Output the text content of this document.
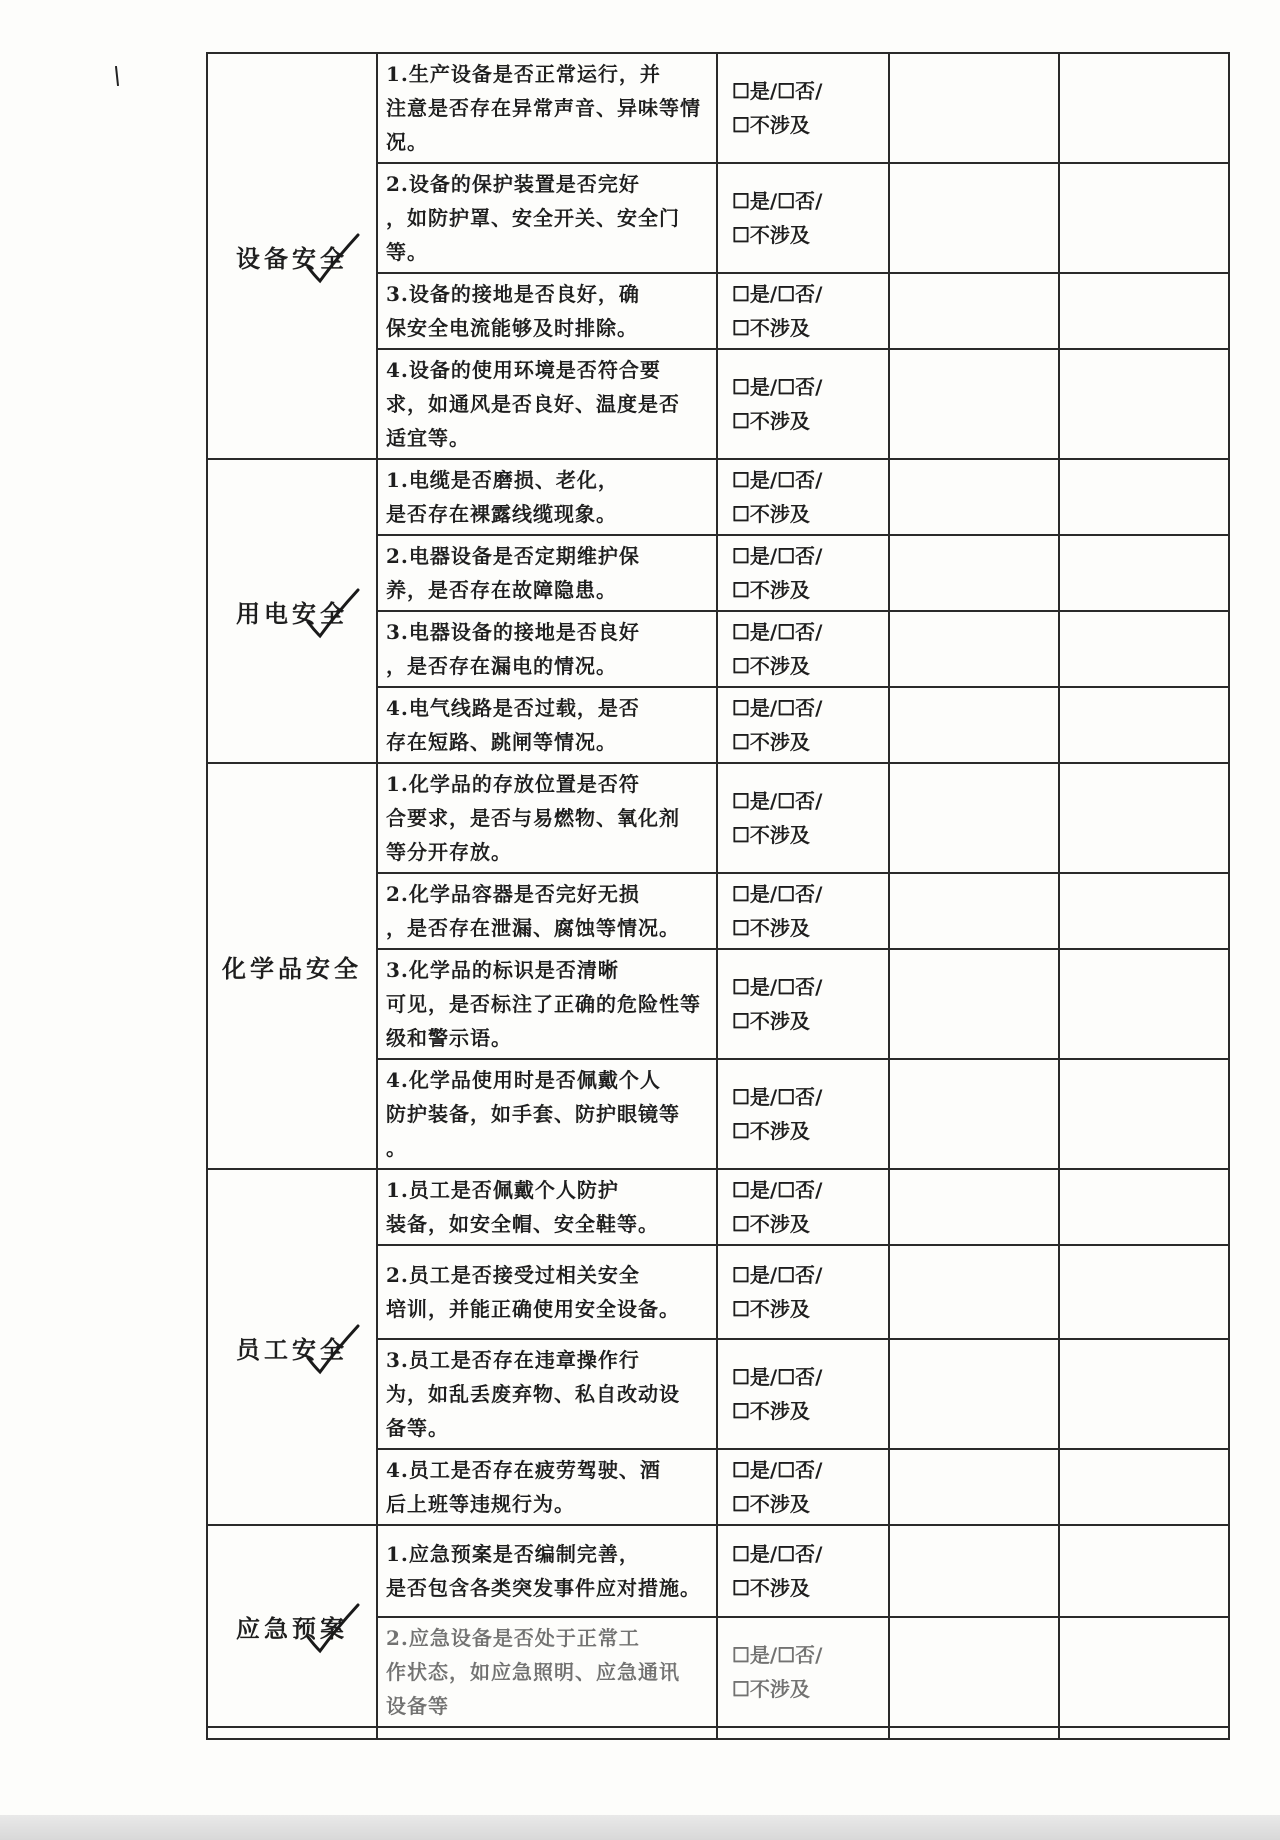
设备安全	1.生产设备是否正常运行，并
注意是否存在异常声音、异味等情
况。	☐是/☐否/
☐不涉及		

	2.设备的保护装置是否完好
，如防护罩、安全开关、安全门
等。	☐是/☐否/
☐不涉及		

	3.设备的接地是否良好，确
保安全电流能够及时排除。	☐是/☐否/
☐不涉及		

	4.设备的使用环境是否符合要
求，如通风是否良好、温度是否
适宜等。	☐是/☐否/
☐不涉及		

用电安全	1.电缆是否磨损、老化，
是否存在裸露线缆现象。	☐是/☐否/
☐不涉及		

	2.电器设备是否定期维护保
养，是否存在故障隐患。	☐是/☐否/
☐不涉及		

	3.电器设备的接地是否良好
，是否存在漏电的情况。	☐是/☐否/
☐不涉及		

	4.电气线路是否过载，是否
存在短路、跳闸等情况。	☐是/☐否/
☐不涉及		

化学品安全	1.化学品的存放位置是否符
合要求，是否与易燃物、氧化剂
等分开存放。	☐是/☐否/
☐不涉及		

	2.化学品容器是否完好无损
，是否存在泄漏、腐蚀等情况。	☐是/☐否/
☐不涉及		

	3.化学品的标识是否清晰
可见，是否标注了正确的危险性等
级和警示语。	☐是/☐否/
☐不涉及		

	4.化学品使用时是否佩戴个人
防护装备，如手套、防护眼镜等
。	☐是/☐否/
☐不涉及		

员工安全	1.员工是否佩戴个人防护
装备，如安全帽、安全鞋等。	☐是/☐否/
☐不涉及		

	2.员工是否接受过相关安全
培训，并能正确使用安全设备。	☐是/☐否/
☐不涉及		

	3.员工是否存在违章操作行
为，如乱丢废弃物、私自改动设
备等。	☐是/☐否/
☐不涉及		

	4.员工是否存在疲劳驾驶、酒
后上班等违规行为。	☐是/☐否/
☐不涉及		

应急预案	1.应急预案是否编制完善，
是否包含各类突发事件应对措施。	☐是/☐否/
☐不涉及		

	2.应急设备是否处于正常工
作状态，如应急照明、应急通讯
设备等	☐是/☐否/
☐不涉及		
